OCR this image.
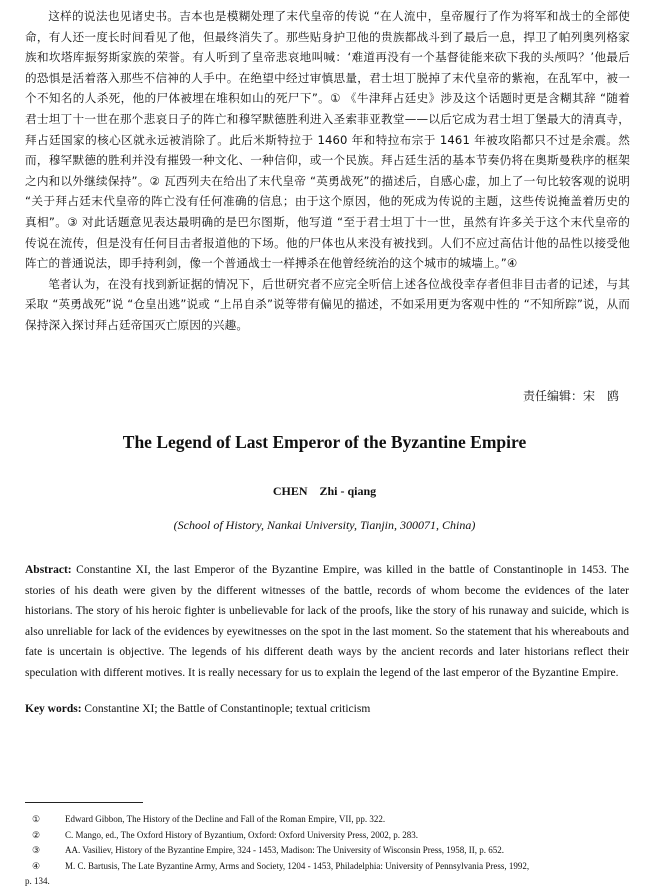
这样的说法也见诸史书。吉本也是模糊处理了末代皇帝的传说 “在人流中，皇帝履行了作为将军和战士的全部使命，有人还一度长时间看见了他，但最终消失了。那些贴身护卫他的贵族都战斗到了最后一息，捍卫了帕列奥列格家族和坎塔库振努斯家族的荣誉。有人听到了皇帝悲哀地叫喊：‘难道再没有一个基督徒能来砍下我的头颅吗？’他最后的恐惧是活着落入那些不信神的人手中。在绝望中经过审慎思量，君士坦丁脱掉了末代皇帝的紫袍，在乱军中，被一个不知名的人杀死，他的尸体被埋在堆积如山的死尸下”。① 《牛津拜占廷史》涉及这个话题时更是含糊其辞 “随着君士坦丁十一世在那个悲哀日子的阵亡和穆罕默德胜利进入圣索菲亚教堂——以后它成为君士坦丁堡最大的清真寺，拜占廷国家的核心区就永远被消除了。此后米斯特拉于 1460 年和特拉布宗于 1461 年被攻陷都只不过是余震。然而，穆罕默德的胜利并没有摧毁一种文化、一种信仰，或一个民族。拜占廷生活的基本节奏仍将在奥斯曼秩序的框架之内和以外继续保持”。② 瓦西列夫在给出了末代皇帝 “英勇战死”的描述后，自感心虚，加上了一句比较客观的说明 “关于拜占廷末代皇帝的阵亡没有任何准确的信息；由于这个原因，他的死成为传说的主题，这些传说掩盖着历史的真相”。③ 对此话题意见表达最明确的是巴尔图斯，他写道 “至于君士坦丁十一世，虽然有许多关于这个末代皇帝的传说在流传，但是没有任何目击者报道他的下场。他的尸体也从来没有被找到。人们不应过高估计他的品性以接受他阵亡的普通说法，即手持利剑，像一个普通战士一样搏杀在他曾经统治的这个城市的城墙上。”④

笔者认为，在没有找到新证据的情况下，后世研究者不应完全听信上述各位战役幸存者但非目击者的记述，与其采取 “英勇战死”说 “仓皇出逃”说或 “上吊自杀”说等带有偏见的描述，不如采用更为客观中性的 “不知所踪”说，从而保持深入探讨拜占廷帝国灭亡原因的兴趣。

责任编辑：宋　鸥
The Legend of Last Emperor of the Byzantine Empire
CHEN　Zhi - qiang
(School of History, Nankai University, Tianjin, 300071, China)
Abstract: Constantine XI, the last Emperor of the Byzantine Empire, was killed in the battle of Constantinople in 1453. The stories of his death were given by the different witnesses of the battle, records of whom become the evidences of the later historians. The story of his heroic fighter is unbelievable for lack of the proofs, like the story of his runaway and suicide, which is also unreliable for lack of the evidences by eyewitnesses on the spot in the last moment. So the statement that his whereabouts and fate is uncertain is objective. The legends of his different death ways by the ancient records and later historians reflect their speculation with different motives. It is really necessary for us to explain the legend of the last emperor of the Byzantine Empire.
Key words: Constantine XI; the Battle of Constantinople; textual criticism
①	Edward Gibbon, The History of the Decline and Fall of the Roman Empire, VII, pp. 322.
②	C. Mango, ed., The Oxford History of Byzantium, Oxford: Oxford University Press, 2002, p. 283.
③	AA. Vasiliev, History of the Byzantine Empire, 324 - 1453, Madison: The University of Wisconsin Press, 1958, II, p. 652.
④	M. C. Bartusis, The Late Byzantine Army, Arms and Society, 1204 - 1453, Philadelphia: University of Pennsylvania Press, 1992,
p. 134.
